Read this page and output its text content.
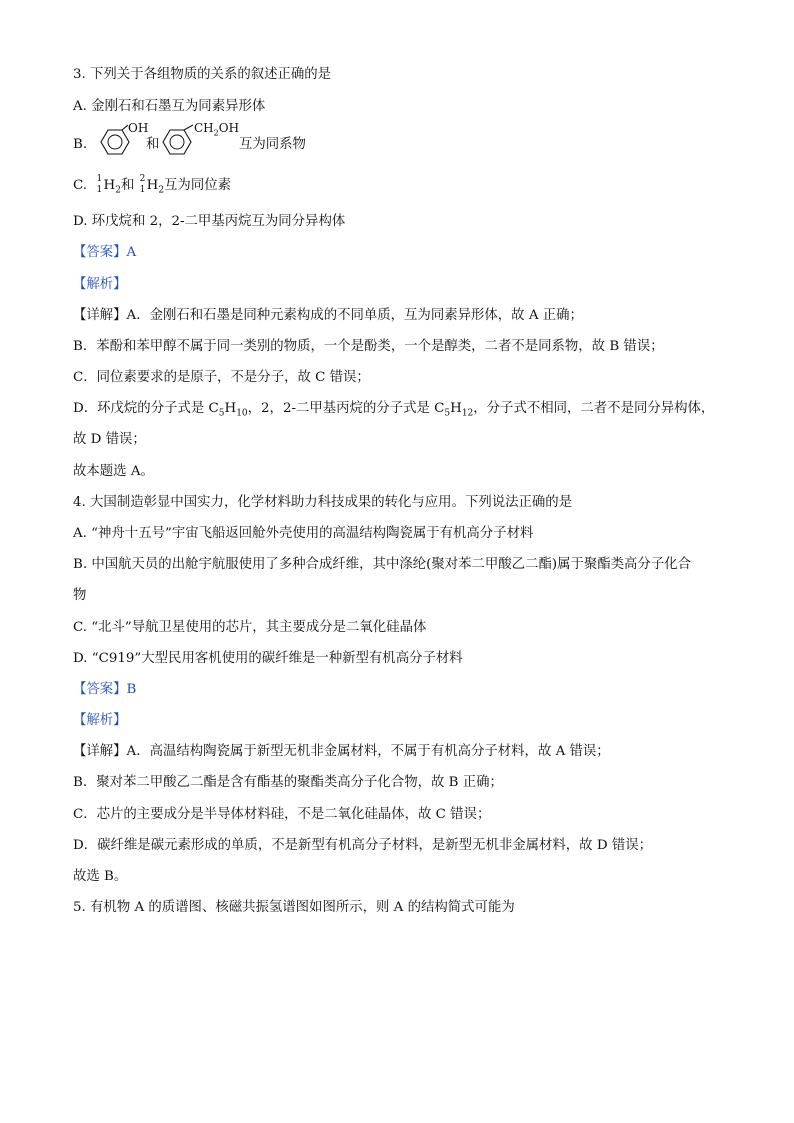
3. 下列关于各组物质的关系的叙述正确的是
A. 金刚石和石墨互为同素异形体
B.
OH
和
$CH_2OH$
互为同系物
C. 1
1 $H_2$和 2
1 $H_2$互为同位素
D. 环戊烷和 2，2-二甲基丙烷互为同分异构体
【答案】A
【解析】
【详解】A．金刚石和石墨是同种元素构成的不同单质，互为同素异形体，故 A 正确；
B．苯酚和苯甲醇不属于同一类别的物质，一个是酚类，一个是醇类，二者不是同系物，故 B 错误；
C．同位素要求的是原子，不是分子，故 C 错误；
D．环戊烷的分子式是 $C_5H_{10}$，2，2-二甲基丙烷的分子式是 $C_5H_{12}$，分子式不相同，二者不是同分异构体，
故 D 错误；
故本题选 A。
4. 大国制造彰显中国实力，化学材料助力科技成果的转化与应用。下列说法正确的是
A. “神舟十五号”宇宙飞船返回舱外壳使用的高温结构陶瓷属于有机高分子材料
B. 中国航天员的出舱宇航服使用了多种合成纤维，其中涤纶(聚对苯二甲酸乙二酯)属于聚酯类高分子化合
物
C. “北斗”导航卫星使用的芯片，其主要成分是二氧化硅晶体
D. “C919”大型民用客机使用的碳纤维是一种新型有机高分子材料
【答案】B
【解析】
【详解】A．高温结构陶瓷属于新型无机非金属材料，不属于有机高分子材料，故 A 错误；
B．聚对苯二甲酸乙二酯是含有酯基的聚酯类高分子化合物，故 B 正确；
C．芯片的主要成分是半导体材料硅，不是二氧化硅晶体，故 C 错误；
D．碳纤维是碳元素形成的单质，不是新型有机高分子材料，是新型无机非金属材料，故 D 错误；
故选 B。
5. 有机物 A 的质谱图、核磁共振氢谱图如图所示，则 A 的结构简式可能为
